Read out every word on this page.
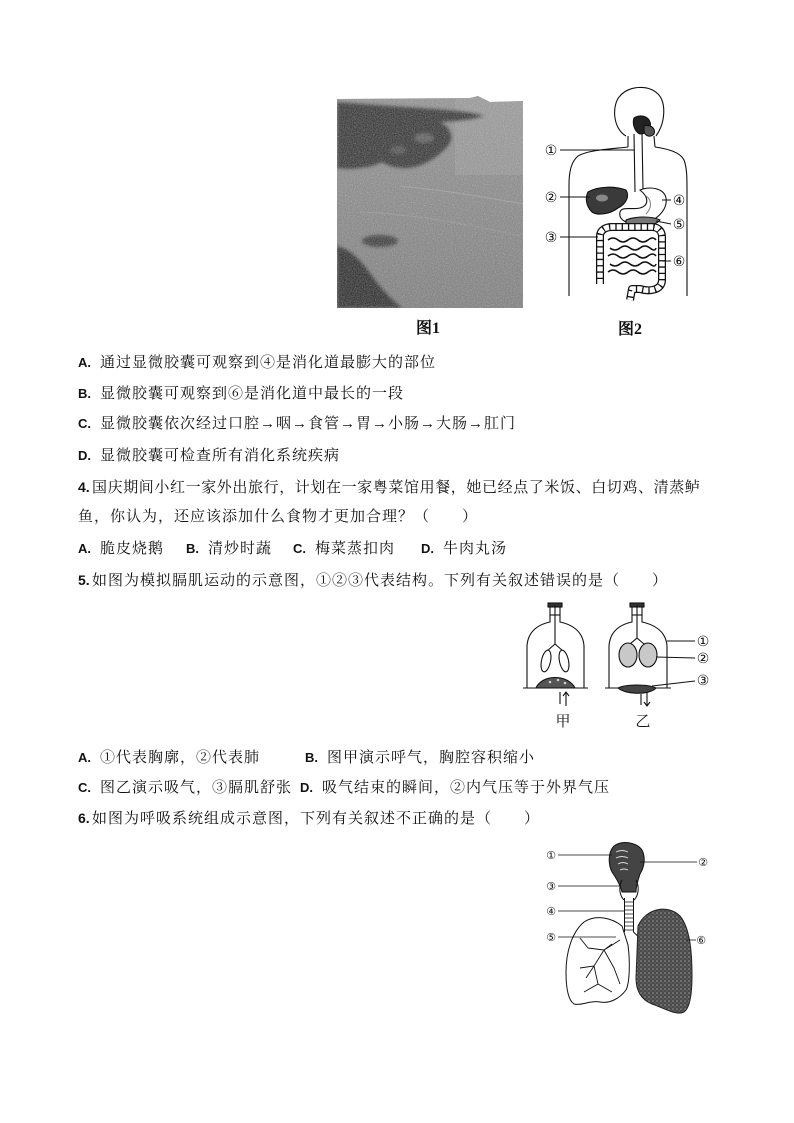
图1
①
②
③
④
⑤
⑥
图2
①
②
③
甲	乙
①
②
③
④
⑤	⑥
A. 通过显微胶囊可观察到④是消化道最膨大的部位
B. 显微胶囊可观察到⑥是消化道中最长的一段
C. 显微胶囊依次经过口腔→咽→食管→胃→小肠→大肠→肛门
D. 显微胶囊可检查所有消化系统疾病
4. 国庆期间小红一家外出旅行，计划在一家粤菜馆用餐，她已经点了米饭、白切鸡、清蒸鲈
鱼，你认为，还应该添加什么食物才更加合理？（　　）
A. 脆皮烧鹅 B. 清炒时蔬 C. 梅菜蒸扣肉 D. 牛肉丸汤
5. 如图为模拟膈肌运动的示意图，①②③代表结构。下列有关叙述错误的是（　　）
A. ①代表胸廓，②代表肺	B. 图甲演示呼气，胸腔容积缩小
C. 图乙演示吸气，③膈肌舒张 D. 吸气结束的瞬间，②内气压等于外界气压
6. 如图为呼吸系统组成示意图，下列有关叙述不正确的是（　　）
